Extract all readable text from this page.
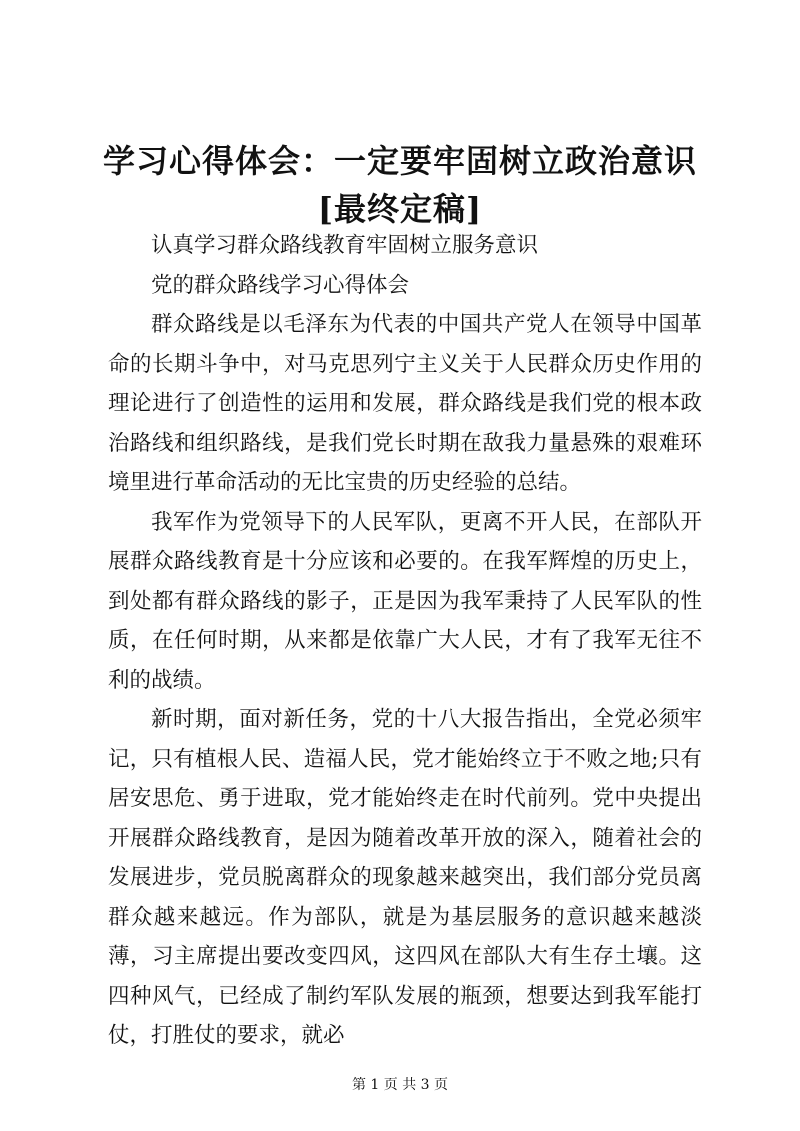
学习心得体会：一定要牢固树立政治意识[最终定稿]

认真学习群众路线教育牢固树立服务意识

党的群众路线学习心得体会

群众路线是以毛泽东为代表的中国共产党人在领导中国革命的长期斗争中，对马克思列宁主义关于人民群众历史作用的理论进行了创造性的运用和发展，群众路线是我们党的根本政治路线和组织路线，是我们党长时期在敌我力量悬殊的艰难环境里进行革命活动的无比宝贵的历史经验的总结。

我军作为党领导下的人民军队，更离不开人民，在部队开展群众路线教育是十分应该和必要的。在我军辉煌的历史上，到处都有群众路线的影子，正是因为我军秉持了人民军队的性质，在任何时期，从来都是依靠广大人民，才有了我军无往不利的战绩。

新时期，面对新任务，党的十八大报告指出，全党必须牢记，只有植根人民、造福人民，党才能始终立于不败之地;只有居安思危、勇于进取，党才能始终走在时代前列。党中央提出开展群众路线教育，是因为随着改革开放的深入，随着社会的发展进步，党员脱离群众的现象越来越突出，我们部分党员离群众越来越远。作为部队，就是为基层服务的意识越来越淡薄，习主席提出要改变四风，这四风在部队大有生存土壤。这四种风气，已经成了制约军队发展的瓶颈，想要达到我军能打仗，打胜仗的要求，就必

第 1 页 共 3 页
